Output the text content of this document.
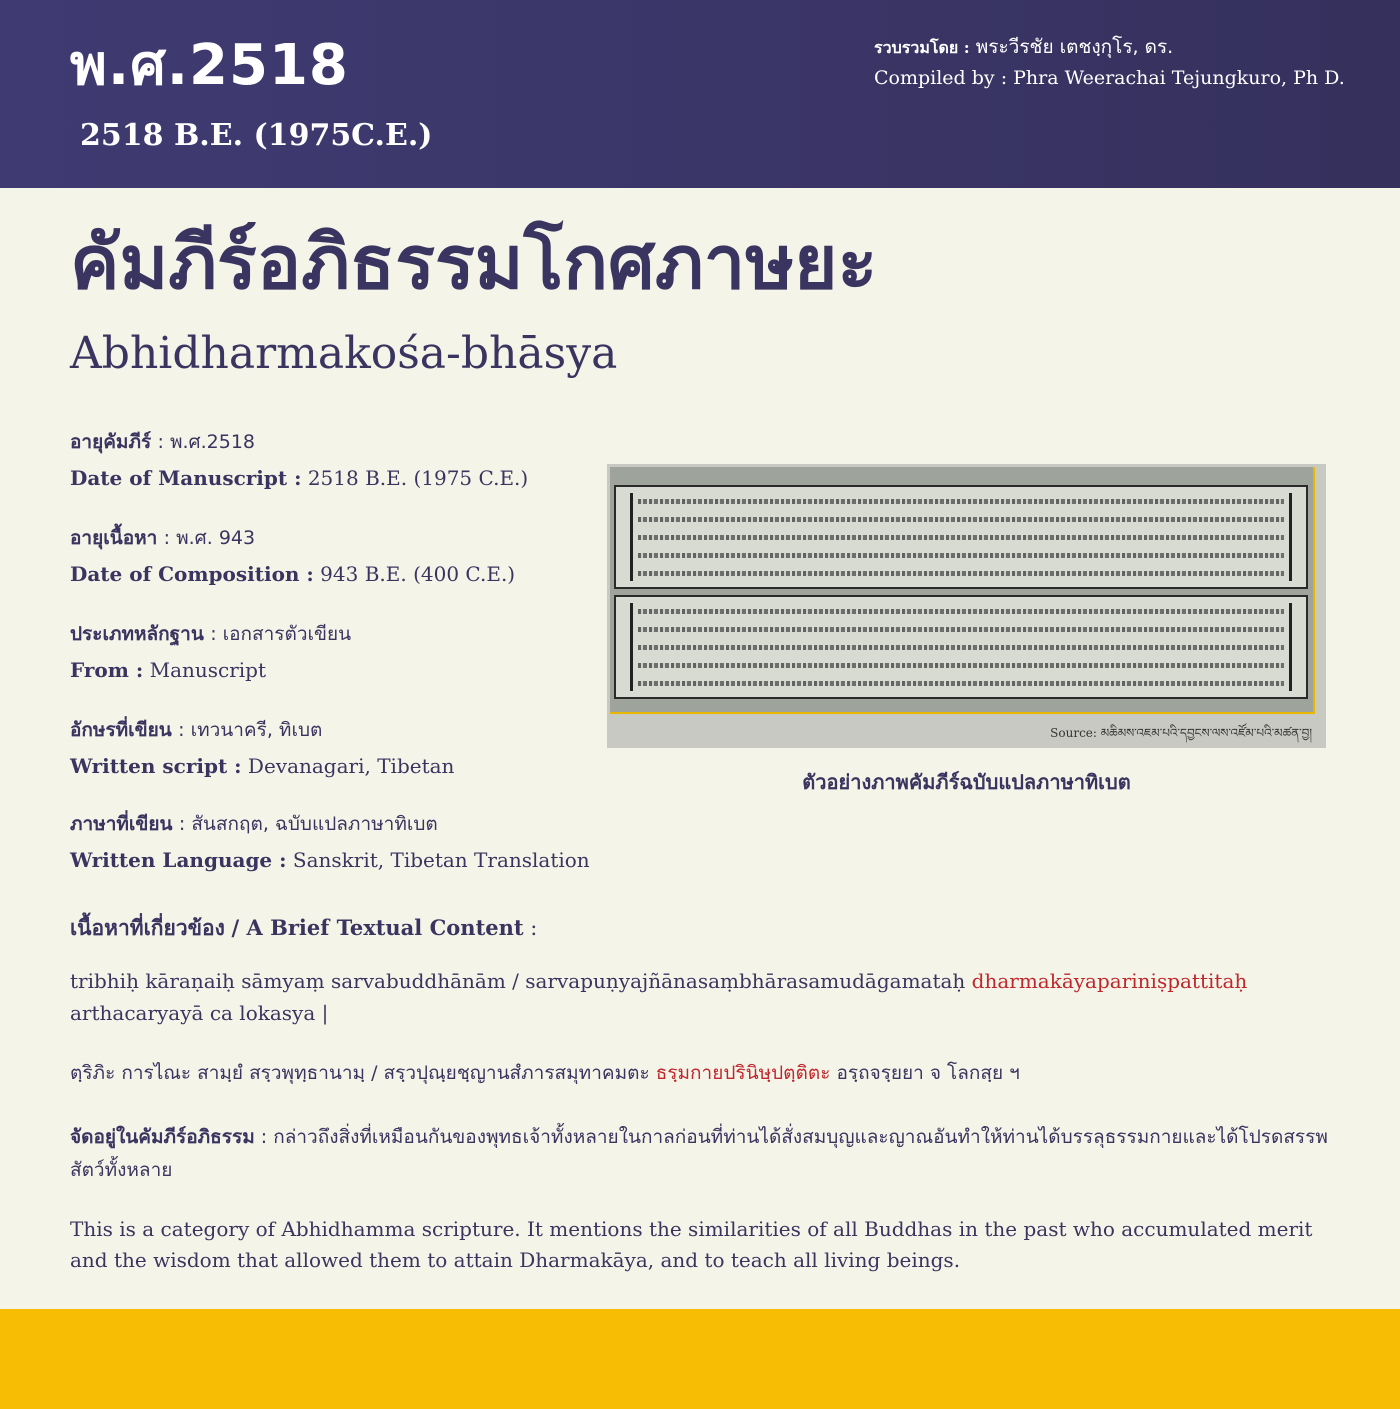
พ.ศ.2518
2518 B.E. (1975C.E.)
รวบรวมโดย : พระวีรชัย เตชงฺกุโร, ดร.
Compiled by : Phra Weerachai Tejungkuro, Ph D.
คัมภีร์อภิธรรมโกศภาษยะ
Abhidharmakośa-bhāsya
อายุคัมภีร์ : พ.ศ.2518
Date of Manuscript : 2518 B.E. (1975 C.E.)
อายุเนื้อหา : พ.ศ. 943
Date of Composition : 943 B.E. (400 C.E.)
ประเภทหลักฐาน : เอกสารตัวเขียน
From : Manuscript
อักษรที่เขียน : เทวนาครี, ทิเบต
Written script : Devanagari, Tibetan
ภาษาที่เขียน : สันสกฤต, ฉบับแปลภาษาทิเบต
Written Language : Sanskrit, Tibetan Translation
Source: མཆིམས་འཇམ་པའི་དབྱངས་ལས་འཛོམ་པའི་མཚན་བྱ།
ตัวอย่างภาพคัมภีร์ฉบับแปลภาษาทิเบต
เนื้อหาที่เกี่ยวข้อง / A Brief Textual Content :
tribhiḥ kāraṇaiḥ sāmyaṃ sarvabuddhānām / sarvapuṇyajñānasaṃbhārasamudāgamataḥ dharmakāyapariniṣpattitaḥ arthacaryayā ca lokasya |
ตฺริภิะ การไณะ สามฺยํ สรฺวพุทฺธานามฺ / สรฺวปุณฺยชฺญานสํภารสมุทาคมตะ ธรฺมกายปรินิษฺปตฺติตะ อรฺถจรฺยยา จ โลกสฺย ฯ
จัดอยู่ในคัมภีร์อภิธรรม : กล่าวถึงสิ่งที่เหมือนกันของพุทธเจ้าทั้งหลายในกาลก่อนที่ท่านได้สั่งสมบุญและญาณอันทำให้ท่านได้บรรลุธรรมกายและได้โปรดสรรพสัตว์ทั้งหลาย
This is a category of Abhidhamma scripture. It mentions the similarities of all Buddhas in the past who accumulated merit and the wisdom that allowed them to attain Dharmakāya, and to teach all living beings.
